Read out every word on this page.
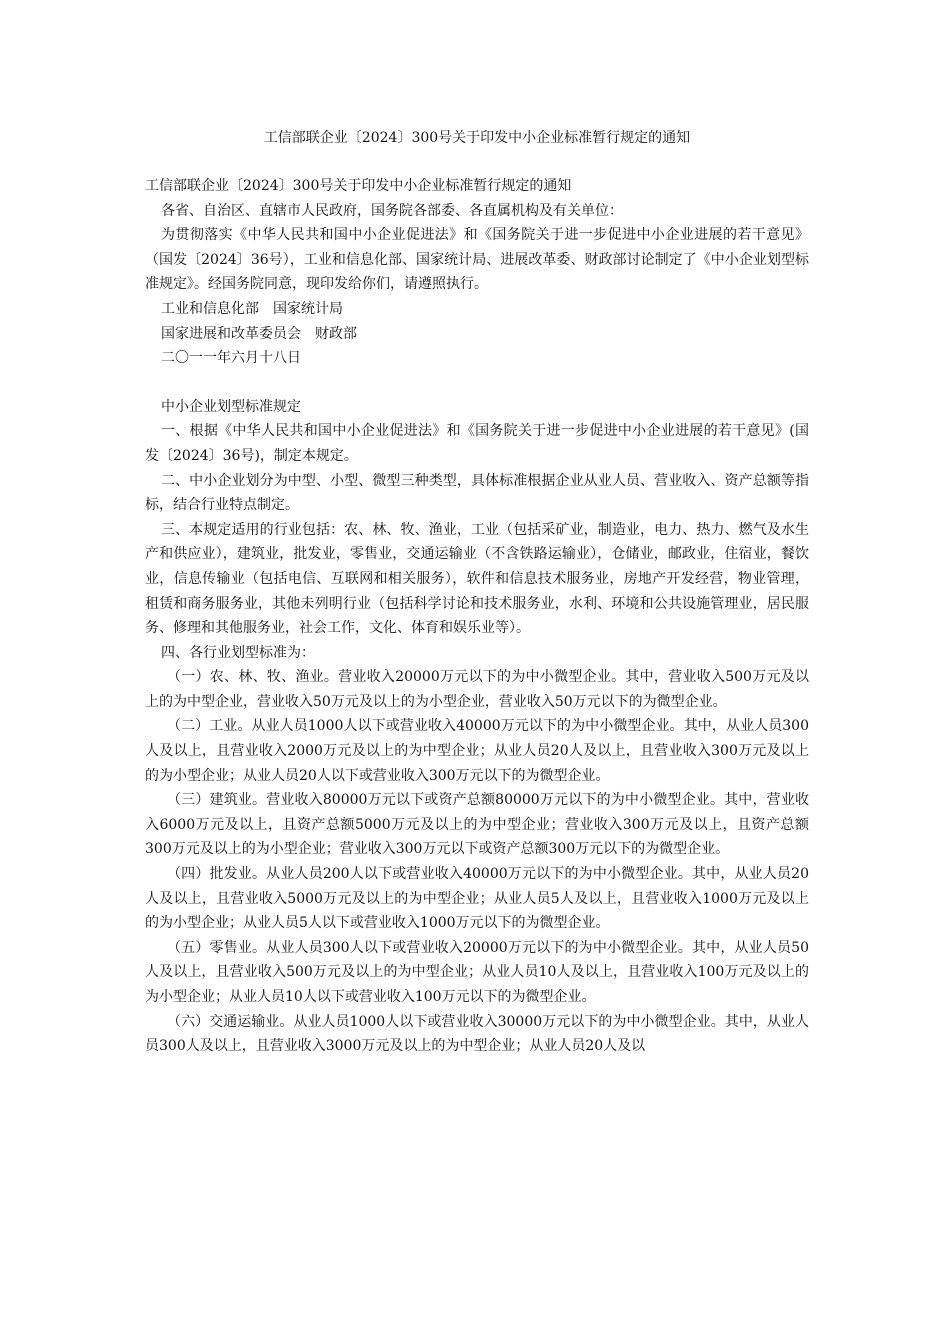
工信部联企业〔2024〕300号关于印发中小企业标准暂行规定的通知

工信部联企业〔2024〕300号关于印发中小企业标准暂行规定的通知

各省、自治区、直辖市人民政府，国务院各部委、各直属机构及有关单位：

为贯彻落实《中华人民共和国中小企业促进法》和《国务院关于进一步促进中小企业进展的若干意见》（国发〔2024〕36号），工业和信息化部、国家统计局、进展改革委、财政部讨论制定了《中小企业划型标准规定》。经国务院同意，现印发给你们，请遵照执行。

工业和信息化部　国家统计局

国家进展和改革委员会　财政部

二〇一一年六月十八日

中小企业划型标准规定

一、根据《中华人民共和国中小企业促进法》和《国务院关于进一步促进中小企业进展的若干意见》(国发〔2024〕36号)，制定本规定。

二、中小企业划分为中型、小型、微型三种类型，具体标准根据企业从业人员、营业收入、资产总额等指标，结合行业特点制定。

三、本规定适用的行业包括：农、林、牧、渔业，工业（包括采矿业，制造业，电力、热力、燃气及水生产和供应业），建筑业，批发业，零售业，交通运输业（不含铁路运输业），仓储业，邮政业，住宿业，餐饮业，信息传输业（包括电信、互联网和相关服务），软件和信息技术服务业，房地产开发经营，物业管理，租赁和商务服务业，其他未列明行业（包括科学讨论和技术服务业，水利、环境和公共设施管理业，居民服务、修理和其他服务业，社会工作，文化、体育和娱乐业等）。

四、各行业划型标准为：

（一）农、林、牧、渔业。营业收入20000万元以下的为中小微型企业。其中，营业收入500万元及以上的为中型企业，营业收入50万元及以上的为小型企业，营业收入50万元以下的为微型企业。

（二）工业。从业人员1000人以下或营业收入40000万元以下的为中小微型企业。其中，从业人员300人及以上，且营业收入2000万元及以上的为中型企业；从业人员20人及以上，且营业收入300万元及以上的为小型企业；从业人员20人以下或营业收入300万元以下的为微型企业。

（三）建筑业。营业收入80000万元以下或资产总额80000万元以下的为中小微型企业。其中，营业收入6000万元及以上，且资产总额5000万元及以上的为中型企业；营业收入300万元及以上，且资产总额300万元及以上的为小型企业；营业收入300万元以下或资产总额300万元以下的为微型企业。

（四）批发业。从业人员200人以下或营业收入40000万元以下的为中小微型企业。其中，从业人员20人及以上，且营业收入5000万元及以上的为中型企业；从业人员5人及以上，且营业收入1000万元及以上的为小型企业；从业人员5人以下或营业收入1000万元以下的为微型企业。

（五）零售业。从业人员300人以下或营业收入20000万元以下的为中小微型企业。其中，从业人员50人及以上，且营业收入500万元及以上的为中型企业；从业人员10人及以上，且营业收入100万元及以上的为小型企业；从业人员10人以下或营业收入100万元以下的为微型企业。

（六）交通运输业。从业人员1000人以下或营业收入30000万元以下的为中小微型企业。其中，从业人员300人及以上，且营业收入3000万元及以上的为中型企业；从业人员20人及以
